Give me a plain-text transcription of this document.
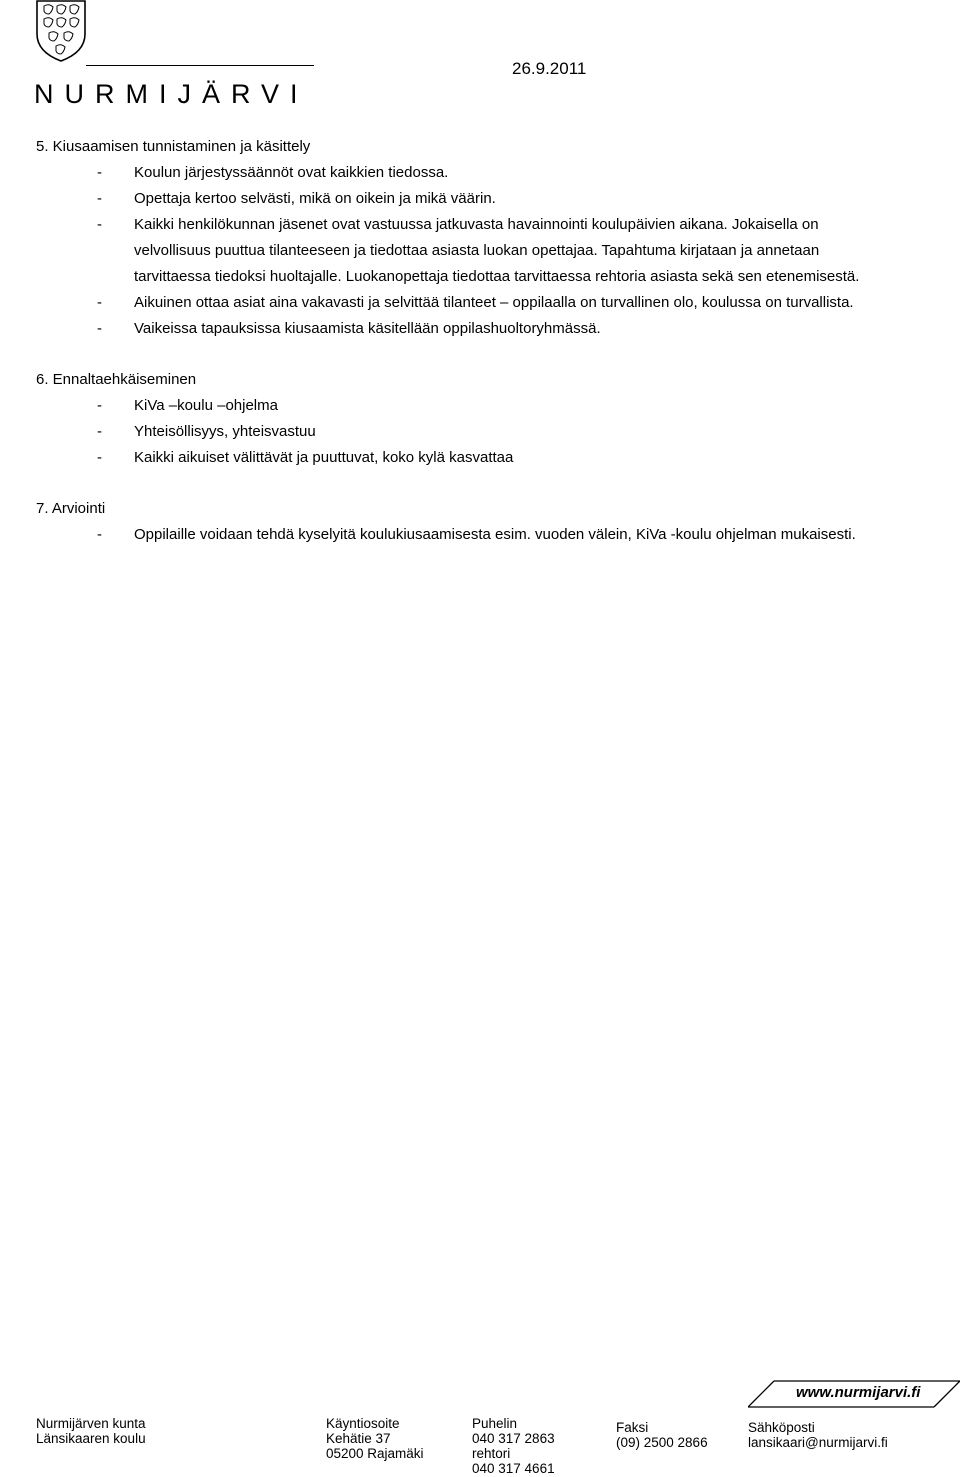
NURMIJÄRVI
26.9.2011
5. Kiusaamisen tunnistaminen ja käsittely
- Koulun järjestyssäännöt ovat kaikkien tiedossa.
- Opettaja kertoo selvästi, mikä on oikein ja mikä väärin.
- Kaikki henkilökunnan jäsenet ovat vastuussa jatkuvasta havainnointi koulupäivien aikana. Jokaisella on velvollisuus puuttua tilanteeseen ja tiedottaa asiasta luokan opettajaa. Tapahtuma kirjataan ja annetaan tarvittaessa tiedoksi huoltajalle. Luokanopettaja tiedottaa tarvittaessa rehtoria asiasta sekä sen etenemisestä.
- Aikuinen ottaa asiat aina vakavasti ja selvittää tilanteet – oppilaalla on turvallinen olo, koulussa on turvallista.
- Vaikeissa tapauksissa kiusaamista käsitellään oppilashuoltoryhmässä.
6. Ennaltaehkäiseminen
- KiVa –koulu –ohjelma
- Yhteisöllisyys, yhteisvastuu
- Kaikki aikuiset välittävät ja puuttuvat, koko kylä kasvattaa
7. Arviointi
- Oppilaille voidaan tehdä kyselyitä koulukiusaamisesta esim. vuoden välein, KiVa -koulu ohjelman mukaisesti.
www.nurmijarvi.fi
Nurmijärven kunta
Länsikaaren koulu
Käyntiosoite
Kehätie 37
05200 Rajamäki
Puhelin
040 317 2863
rehtori
040 317 4661
Faksi
(09) 2500 2866
Sähköposti
lansikaari@nurmijarvi.fi
